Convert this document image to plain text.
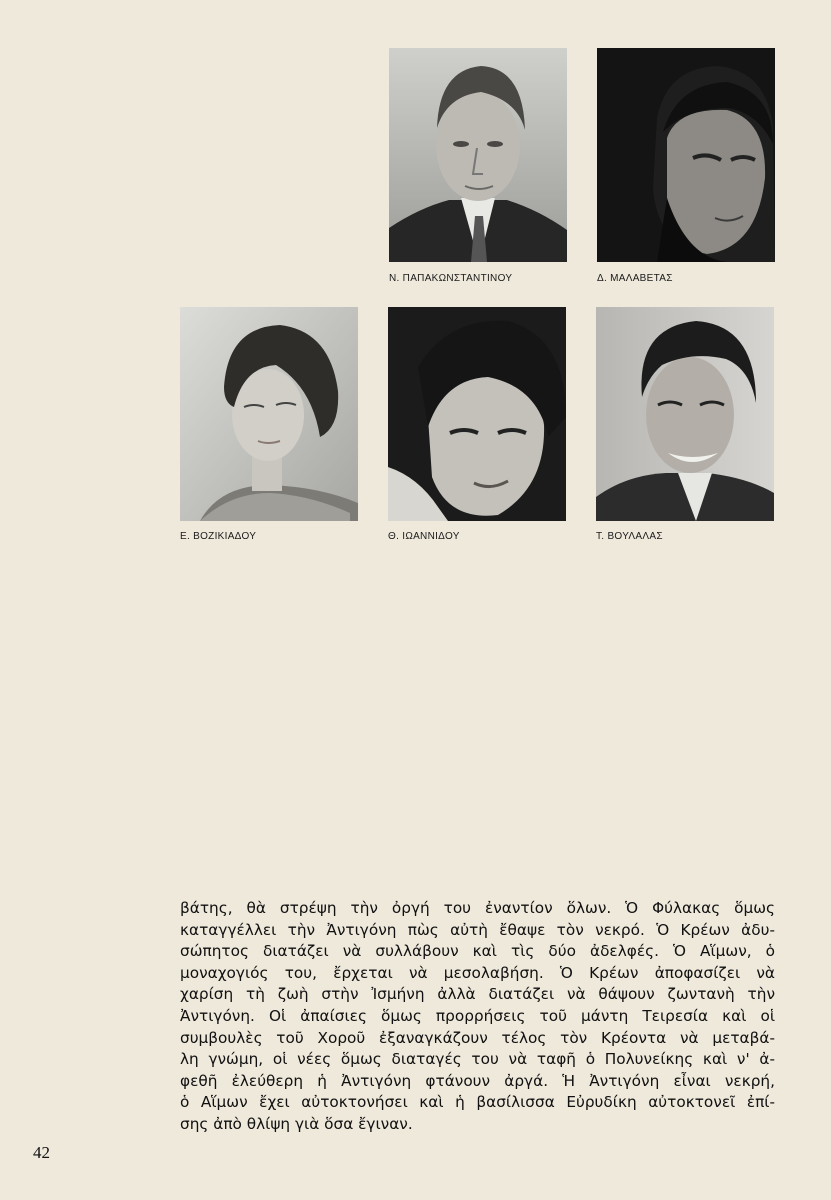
Ν. ΠΑΠΑΚΩΝΣΤΑΝΤΙΝΟΥ	Δ. ΜΑΛΑΒΕΤΑΣ
Ε. ΒΟΖΙΚΙΑΔΟΥ	Θ. ΙΩΑΝΝΙΔΟΥ	Τ. ΒΟΥΛΑΛΑΣ
βάτης, θὰ στρέψη τὴν ὀργή του ἐναντίον ὅλων. Ὁ Φύλακας ὅμως
καταγγέλλει τὴν Ἀντιγόνη πὼς αὐτὴ ἔθαψε τὸν νεκρό. Ὁ Κρέων ἀδυ-
σώπητος διατάζει νὰ συλλάβουν καὶ τὶς δύο ἀδελφές. Ὁ Αἵμων, ὁ
μοναχογιός του, ἔρχεται νὰ μεσολαβήση. Ὁ Κρέων ἀποφασίζει νὰ
χαρίση τὴ ζωὴ στὴν Ἰσμήνη ἀλλὰ διατάζει νὰ θάψουν ζωντανὴ τὴν
Ἀντιγόνη. Οἱ ἀπαίσιες ὅμως προρρήσεις τοῦ μάντη Τειρεσία καὶ οἱ
συμβουλὲς τοῦ Χοροῦ ἐξαναγκάζουν τέλος τὸν Κρέοντα νὰ μεταβά-
λη γνώμη, οἱ νέες ὅμως διαταγές του νὰ ταφῆ ὁ Πολυνείκης καὶ ν' ἀ-
φεθῆ ἐλεύθερη ἡ Ἀντιγόνη φτάνουν ἀργά. Ἡ Ἀντιγόνη εἶναι νεκρή,
ὁ Αἵμων ἔχει αὐτοκτονήσει καὶ ἡ βασίλισσα Εὐρυδίκη αὐτοκτονεῖ ἐπί-
σης ἀπὸ θλίψη γιὰ ὅσα ἔγιναν.
42
